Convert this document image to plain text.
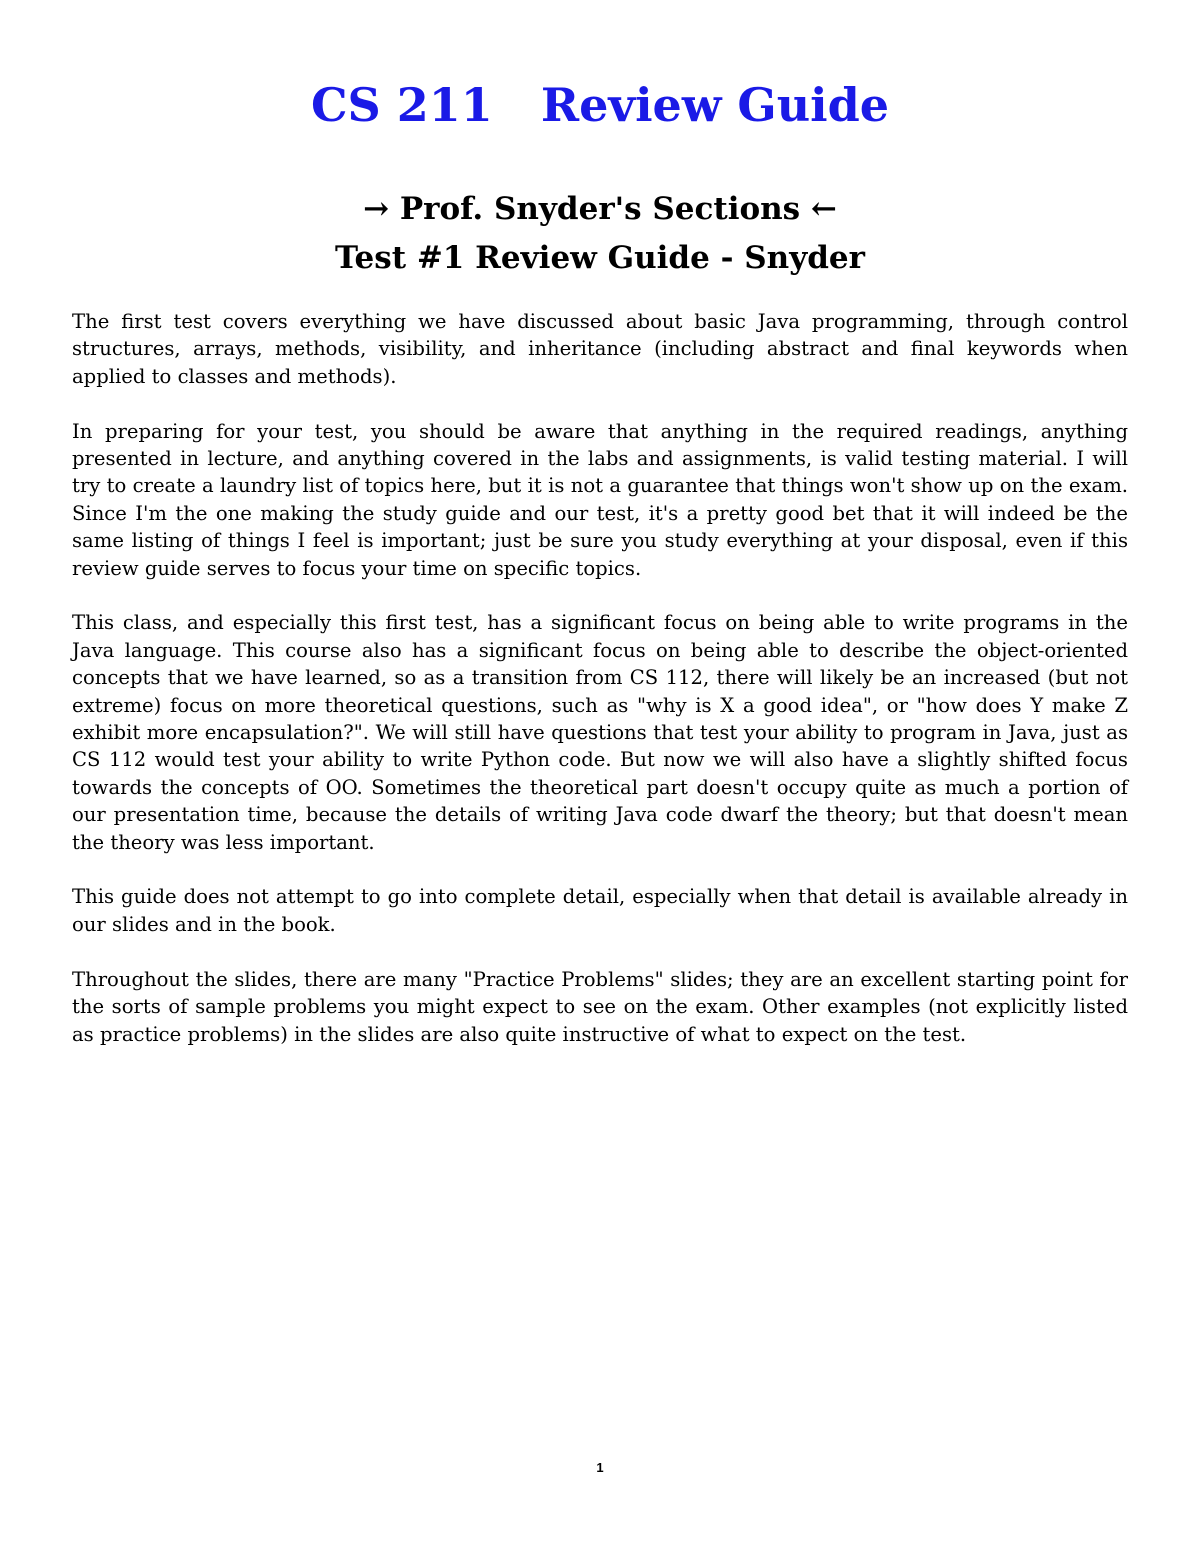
CS 211   Review Guide
→ Prof. Snyder's Sections ←
Test #1 Review Guide - Snyder

The first test covers everything we have discussed about basic Java programming, through control structures, arrays, methods, visibility, and inheritance (including abstract and final keywords when applied to classes and methods).

In preparing for your test, you should be aware that anything in the required readings, anything presented in lecture, and anything covered in the labs and assignments, is valid testing material. I will try to create a laundry list of topics here, but it is not a guarantee that things won't show up on the exam. Since I'm the one making the study guide and our test, it's a pretty good bet that it will indeed be the same listing of things I feel is important; just be sure you study everything at your disposal, even if this review guide serves to focus your time on specific topics.

This class, and especially this first test, has a significant focus on being able to write programs in the Java language. This course also has a significant focus on being able to describe the object-oriented concepts that we have learned, so as a transition from CS 112, there will likely be an increased (but not extreme) focus on more theoretical questions, such as "why is X a good idea", or "how does Y make Z exhibit more encapsulation?". We will still have questions that test your ability to program in Java, just as CS 112 would test your ability to write Python code. But now we will also have a slightly shifted focus towards the concepts of OO. Sometimes the theoretical part doesn't occupy quite as much a portion of our presentation time, because the details of writing Java code dwarf the theory; but that doesn't mean the theory was less important.

This guide does not attempt to go into complete detail, especially when that detail is available already in our slides and in the book.

Throughout the slides, there are many "Practice Problems" slides; they are an excellent starting point for the sorts of sample problems you might expect to see on the exam. Other examples (not explicitly listed as practice problems) in the slides are also quite instructive of what to expect on the test.

1
